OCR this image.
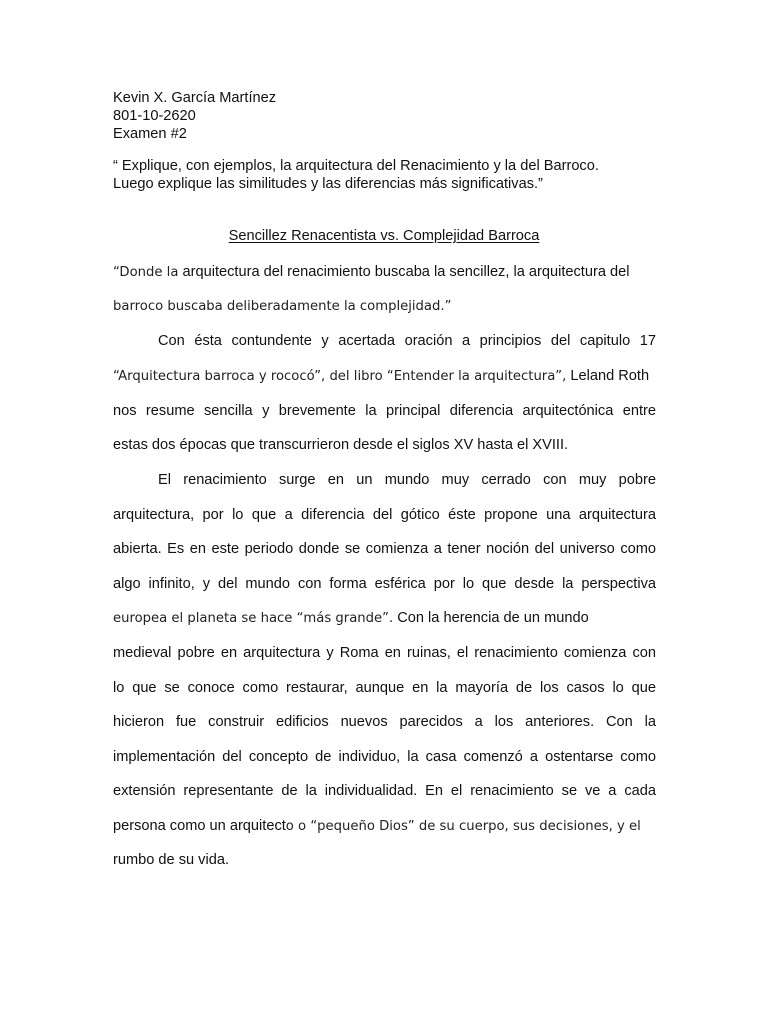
Kevin X. García Martínez
801-10-2620
Examen #2
“ Explique, con ejemplos, la arquitectura del Renacimiento y la del Barroco.
Luego explique las similitudes y las diferencias más significativas.”
Sencillez Renacentista vs. Complejidad Barroca
“Donde la arquitectura del renacimiento buscaba la sencillez, la arquitectura del
barroco buscaba deliberadamente la complejidad.”
Con ésta contundente y acertada oración a principios del capitulo 17
“Arquitectura barroca y rococó”, del libro “Entender la arquitectura”, Leland Roth
nos resume sencilla y brevemente la principal diferencia arquitectónica entre
estas dos épocas que transcurrieron desde el siglos XV hasta el XVIII.
El renacimiento surge en un mundo muy cerrado con muy pobre
arquitectura, por lo que a diferencia del gótico éste propone una arquitectura
abierta. Es en este periodo donde se comienza a tener noción del universo como
algo infinito, y del mundo con forma esférica por lo que desde la perspectiva
europea el planeta se hace “más grande”. Con la herencia de un mundo
medieval pobre en arquitectura y Roma en ruinas, el renacimiento comienza con
lo que se conoce como restaurar, aunque en la mayoría de los casos lo que
hicieron fue construir edificios nuevos parecidos a los anteriores. Con la
implementación del concepto de individuo, la casa comenzó a ostentarse como
extensión representante de la individualidad. En el renacimiento se ve a cada
persona como un arquitecto o “pequeño Dios” de su cuerpo, sus decisiones, y el
rumbo de su vida.
